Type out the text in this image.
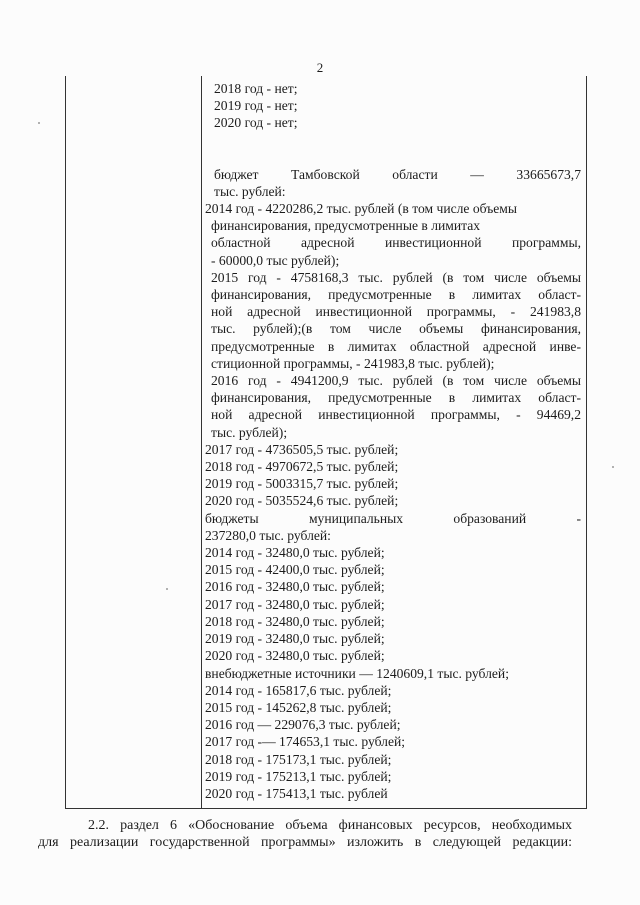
2
2018 год - нет;
2019 год - нет;
2020 год - нет;
бюджет Тамбовской области — 33665673,7
тыс. рублей:
2014 год - 4220286,2 тыс. рублей (в том числе объемы
финансирования, предусмотренные в лимитах
областной адресной инвестиционной программы,
- 60000,0 тыс рублей);
2015 год - 4758168,3 тыс. рублей (в том числе объемы
финансирования, предусмотренные в лимитах област-
ной адресной инвестиционной программы, - 241983,8
тыс. рублей);(в том числе объемы финансирования,
предусмотренные в лимитах областной адресной инве-
стиционной программы, - 241983,8 тыс. рублей);
2016 год - 4941200,9 тыс. рублей (в том числе объемы
финансирования, предусмотренные в лимитах област-
ной адресной инвестиционной программы, - 94469,2
тыс. рублей);
2017 год - 4736505,5 тыс. рублей;
2018 год - 4970672,5 тыс. рублей;
2019 год - 5003315,7 тыс. рублей;
2020 год - 5035524,6 тыс. рублей;
бюджеты муниципальных образований -
237280,0 тыс. рублей:
2014 год - 32480,0 тыс. рублей;
2015 год - 42400,0 тыс. рублей;
2016 год - 32480,0 тыс. рублей;
2017 год - 32480,0 тыс. рублей;
2018 год - 32480,0 тыс. рублей;
2019 год - 32480,0 тыс. рублей;
2020 год - 32480,0 тыс. рублей;
внебюджетные источники — 1240609,1 тыс. рублей;
2014 год - 165817,6 тыс. рублей;
2015 год - 145262,8 тыс. рублей;
2016 год — 229076,3 тыс. рублей;
2017 год -— 174653,1 тыс. рублей;
2018 год - 175173,1 тыс. рублей;
2019 год - 175213,1 тыс. рублей;
2020 год - 175413,1 тыс. рублей
2.2. раздел 6 «Обоснование объема финансовых ресурсов, необходимых
для реализации государственной программы» изложить в следующей редакции:
